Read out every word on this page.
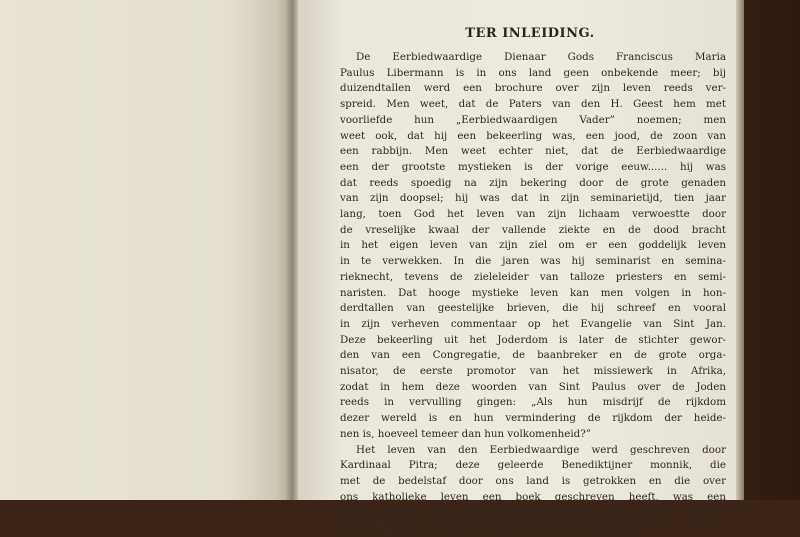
TER INLEIDING.
De Eerbiedwaardige Dienaar Gods Franciscus Maria
Paulus Libermann is in ons land geen onbekende meer; bij
duizendtallen werd een brochure over zijn leven reeds ver-
spreid. Men weet, dat de Paters van den H. Geest hem met
voorliefde hun „Eerbiedwaardigen Vader” noemen; men
weet ook, dat hij een bekeerling was, een jood, de zoon van
een rabbijn. Men weet echter niet, dat de Eerbiedwaardige
een der grootste mystieken is der vorige eeuw...... hij was
dat reeds spoedig na zijn bekering door de grote genaden
van zijn doopsel; hij was dat in zijn seminarietijd, tien jaar
lang, toen God het leven van zijn lichaam verwoestte door
de vreselijke kwaal der vallende ziekte en de dood bracht
in het eigen leven van zijn ziel om er een goddelijk leven
in te verwekken. In die jaren was hij seminarist en semina-
rieknecht, tevens de zieleleider van talloze priesters en semi-
naristen. Dat hooge mystieke leven kan men volgen in hon-
derdtallen van geestelijke brieven, die hij schreef en vooral
in zijn verheven commentaar op het Evangelie van Sint Jan.
Deze bekeerling uit het Joderdom is later de stichter gewor-
den van een Congregatie, de baanbreker en de grote orga-
nisator, de eerste promotor van het missiewerk in Afrika,
zodat in hem deze woorden van Sint Paulus over de Joden
reeds in vervulling gingen: „Als hun misdrijf de rijkdom
dezer wereld is en hun vermindering de rijkdom der heide-
nen is, hoeveel temeer dan hun volkomenheid?”
Het leven van den Eerbiedwaardige werd geschreven door
Kardinaal Pitra; deze geleerde Benediktijner monnik, die
met de bedelstaf door ons land is getrokken en die over
ons katholieke leven een boek geschreven heeft, was een
beste vriend van den Eerbiedwaardige, die hem gastvrij-
heid verleende en steeds een kamer voor hem beschikbaar
